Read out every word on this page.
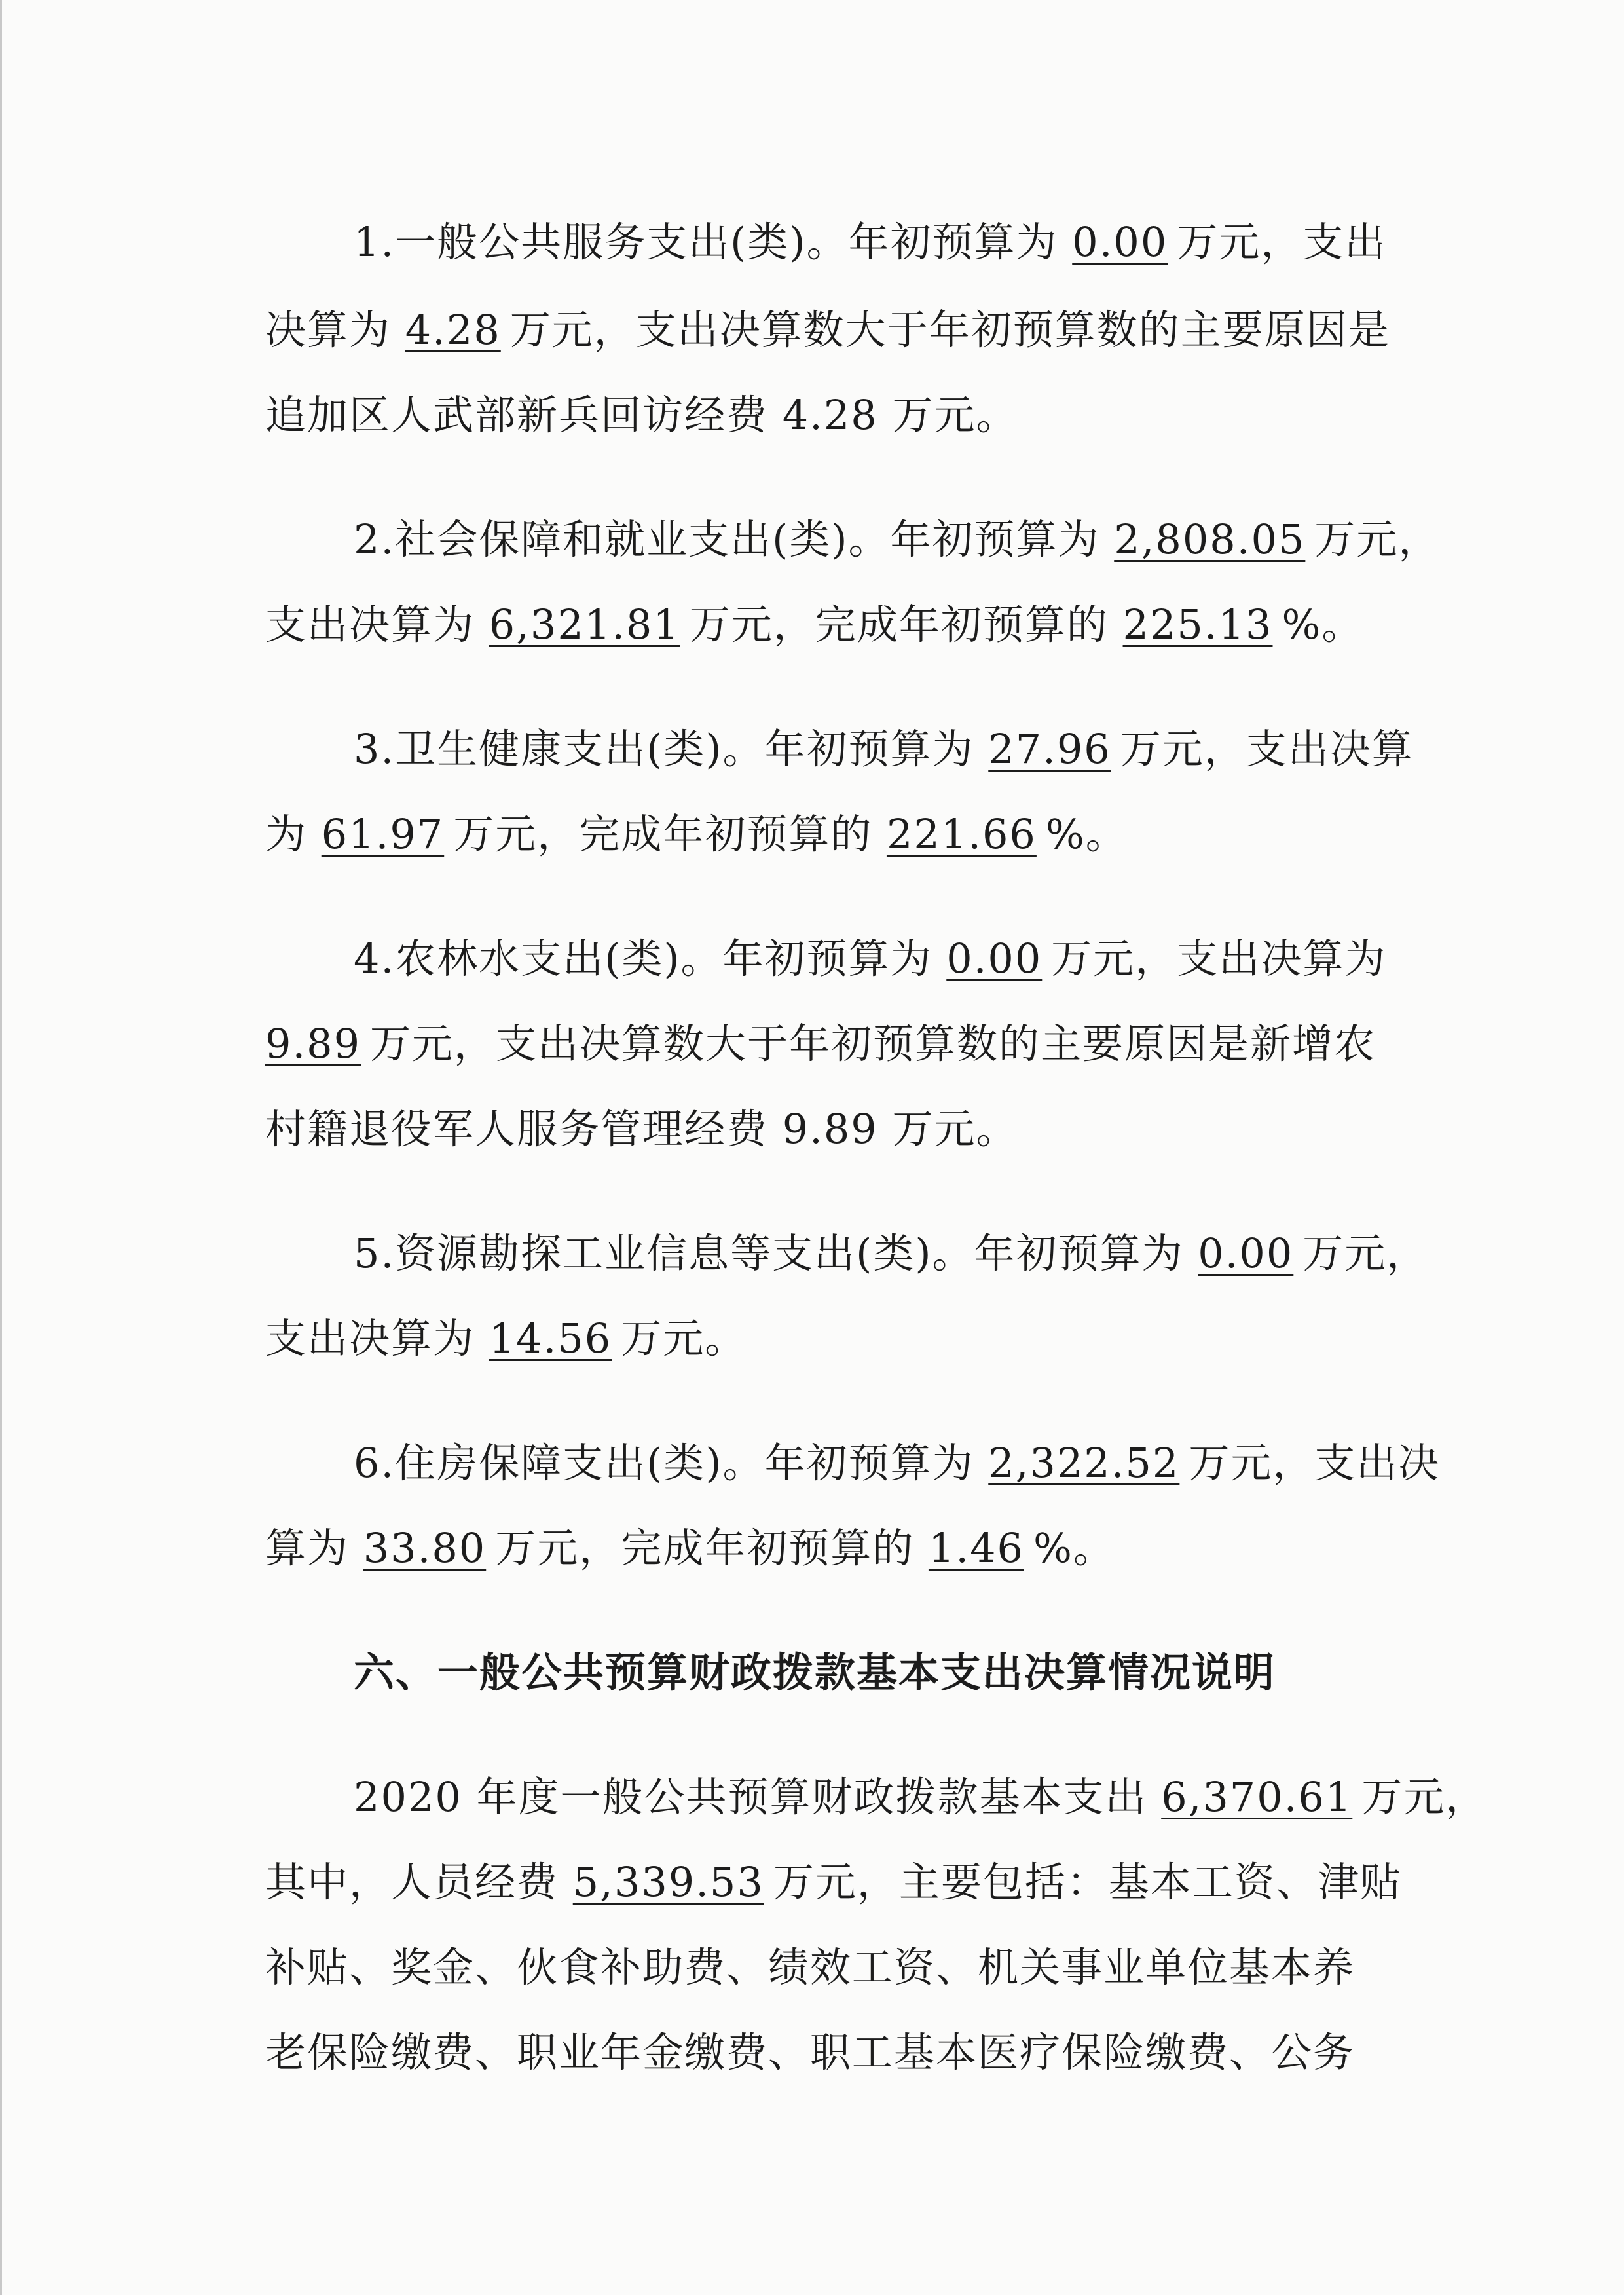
1.一般公共服务支出(类)。年初预算为 0.00 万元，支出
决算为 4.28 万元，支出决算数大于年初预算数的主要原因是
追加区人武部新兵回访经费 4.28 万元。
2.社会保障和就业支出(类)。年初预算为 2,808.05 万元，
支出决算为 6,321.81 万元，完成年初预算的 225.13 %。
3.卫生健康支出(类)。年初预算为 27.96 万元，支出决算
为 61.97 万元，完成年初预算的 221.66 %。
4.农林水支出(类)。年初预算为 0.00 万元，支出决算为
9.89 万元，支出决算数大于年初预算数的主要原因是新增农
村籍退役军人服务管理经费 9.89 万元。
5.资源勘探工业信息等支出(类)。年初预算为 0.00 万元，
支出决算为 14.56 万元。
6.住房保障支出(类)。年初预算为 2,322.52 万元，支出决
算为 33.80 万元，完成年初预算的 1.46 %。
六、一般公共预算财政拨款基本支出决算情况说明
2020 年度一般公共预算财政拨款基本支出 6,370.61 万元，
其中，人员经费 5,339.53 万元，主要包括：基本工资、津贴
补贴、奖金、伙食补助费、绩效工资、机关事业单位基本养
老保险缴费、职业年金缴费、职工基本医疗保险缴费、公务
